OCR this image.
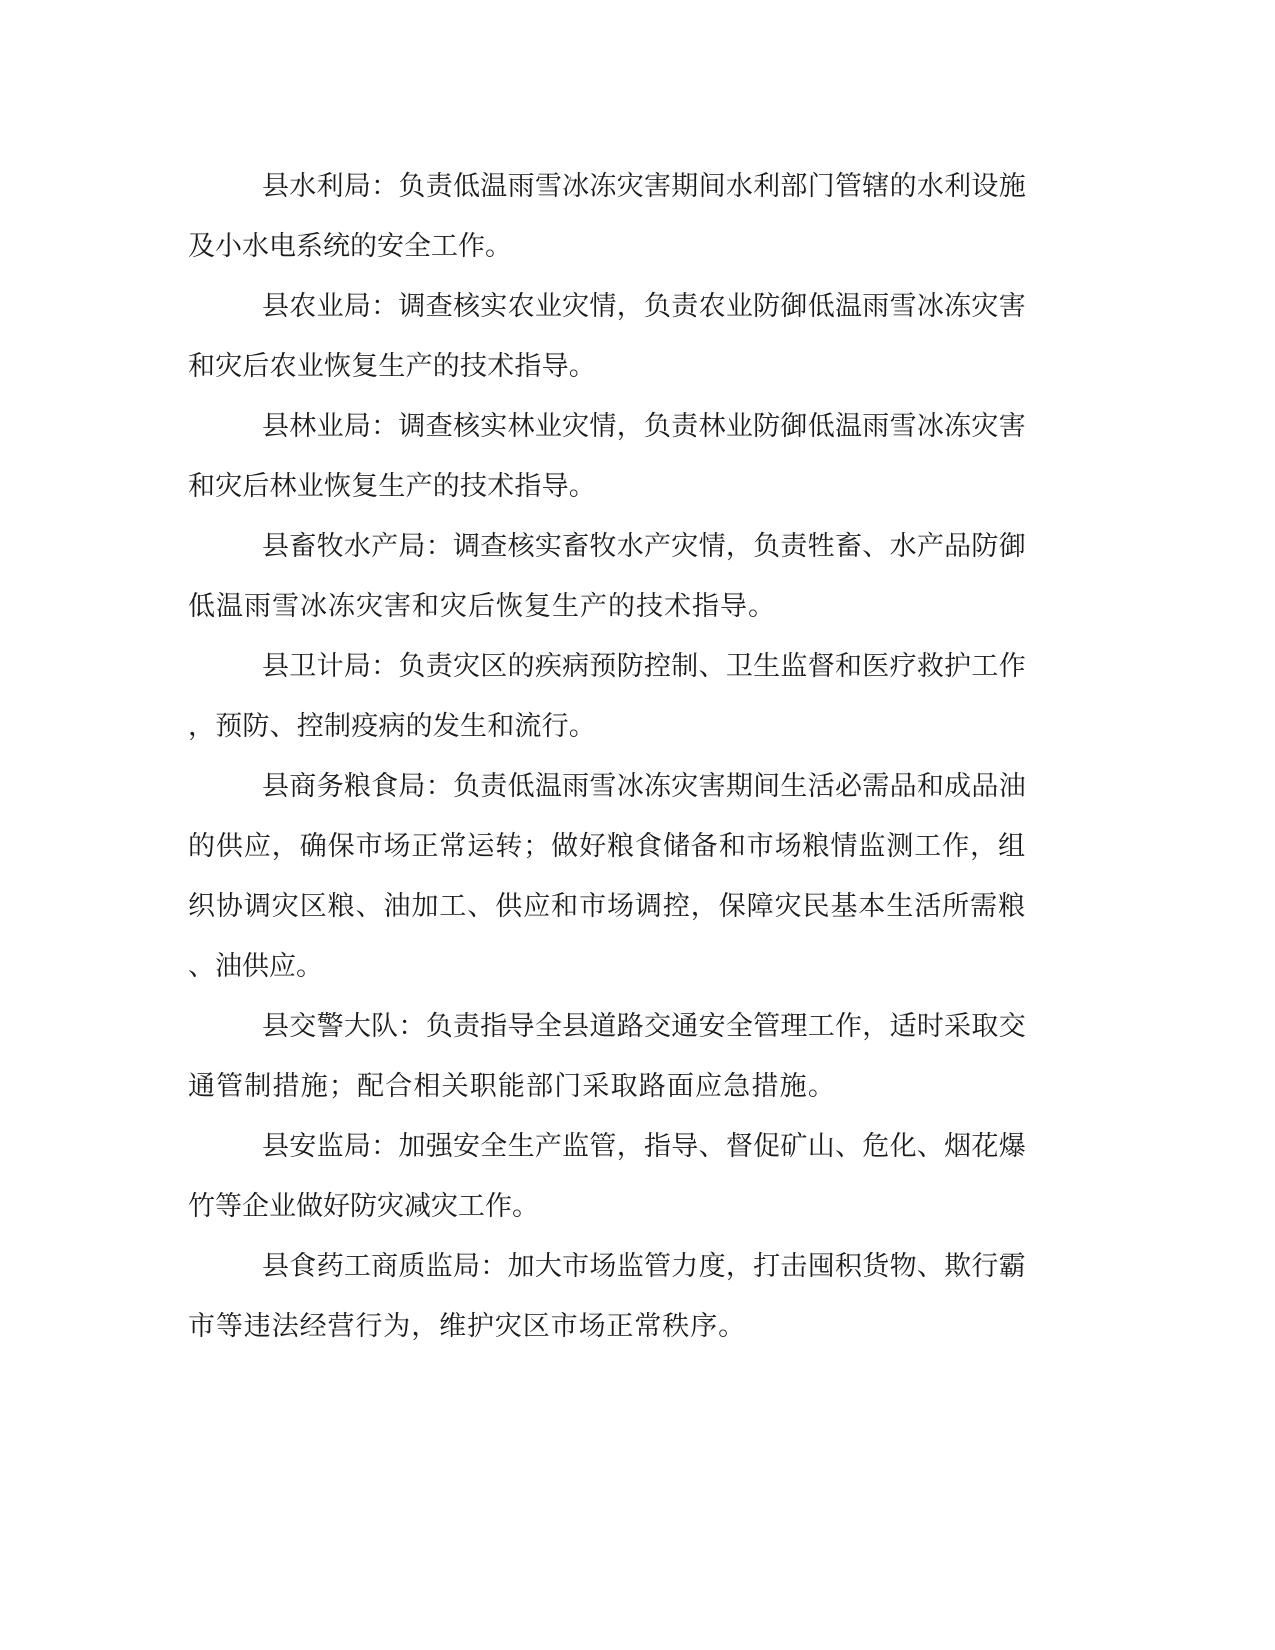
县水利局：负责低温雨雪冰冻灾害期间水利部门管辖的水利设施
及小水电系统的安全工作。
县农业局：调查核实农业灾情，负责农业防御低温雨雪冰冻灾害
和灾后农业恢复生产的技术指导。
县林业局：调查核实林业灾情，负责林业防御低温雨雪冰冻灾害
和灾后林业恢复生产的技术指导。
县畜牧水产局：调查核实畜牧水产灾情，负责牲畜、水产品防御
低温雨雪冰冻灾害和灾后恢复生产的技术指导。
县卫计局：负责灾区的疾病预防控制、卫生监督和医疗救护工作
，预防、控制疫病的发生和流行。
县商务粮食局：负责低温雨雪冰冻灾害期间生活必需品和成品油
的供应，确保市场正常运转；做好粮食储备和市场粮情监测工作，组
织协调灾区粮、油加工、供应和市场调控，保障灾民基本生活所需粮
、油供应。
县交警大队：负责指导全县道路交通安全管理工作，适时采取交
通管制措施；配合相关职能部门采取路面应急措施。
县安监局：加强安全生产监管，指导、督促矿山、危化、烟花爆
竹等企业做好防灾减灾工作。
县食药工商质监局：加大市场监管力度，打击囤积货物、欺行霸
市等违法经营行为，维护灾区市场正常秩序。
